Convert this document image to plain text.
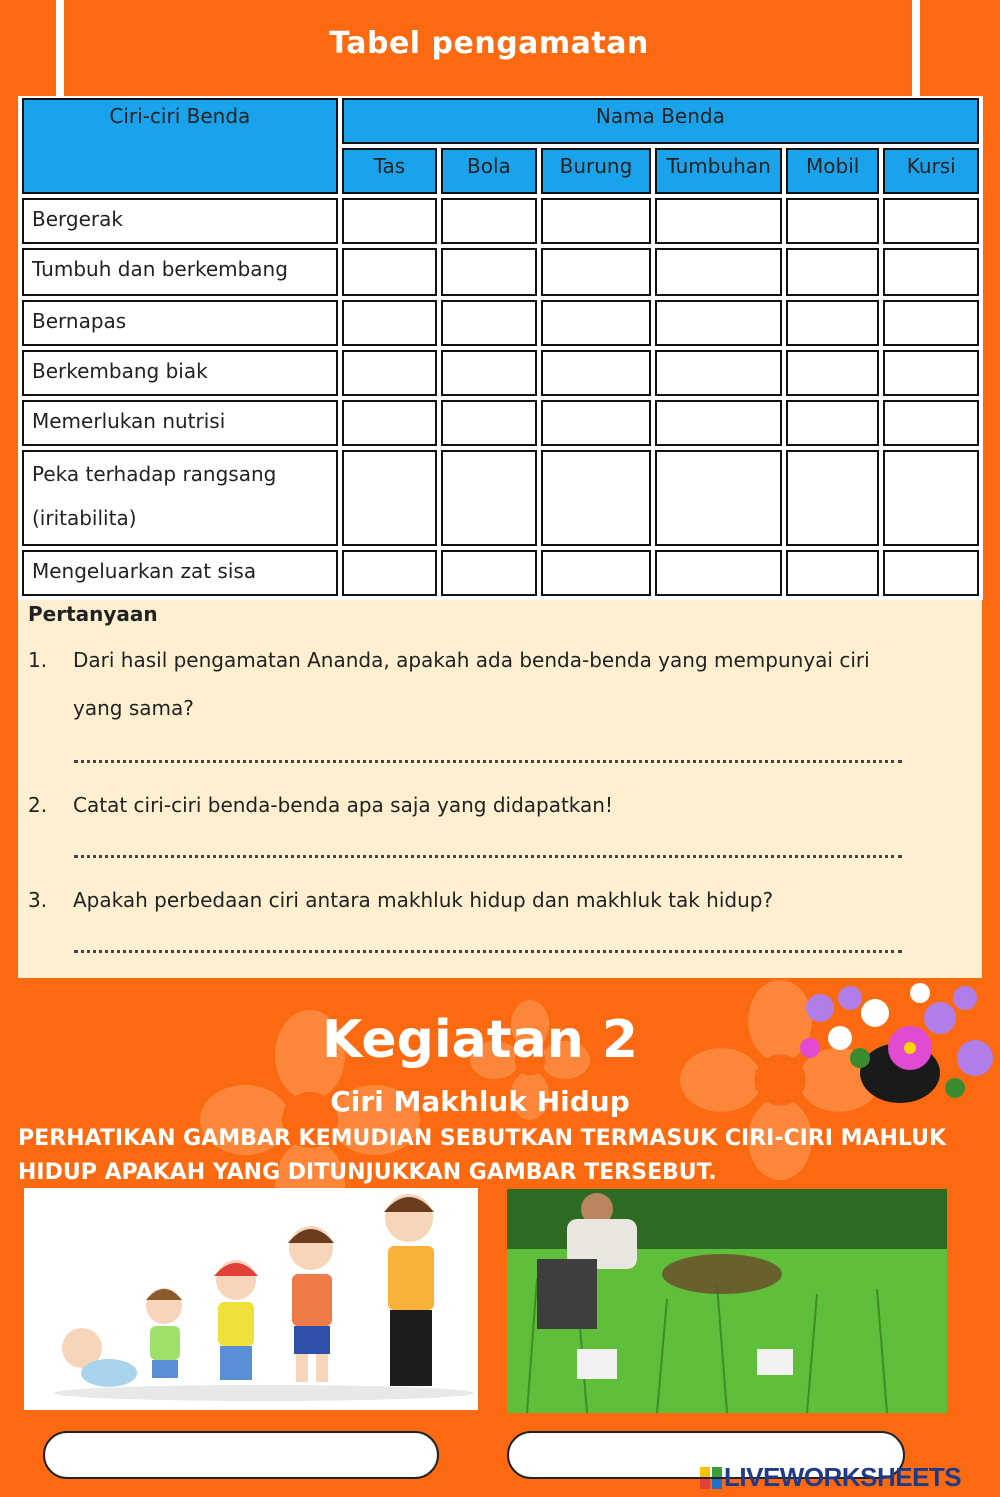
Tabel pengamatan
Ciri-ciri Benda	Nama Benda					
	Tas	Bola	Burung	Tumbuhan	Mobil	Kursi
Bergerak						
Tumbuh dan berkembang						
Bernapas						
Berkembang biak						
Memerlukan nutrisi						
Peka terhadap rangsang (iritabilita)						
Mengeluarkan zat sisa						
Pertanyaan
1. Dari hasil pengamatan Ananda, apakah ada benda-benda yang mempunyai ciri yang sama?
2. Catat ciri-ciri benda-benda apa saja yang didapatkan!
3. Apakah perbedaan ciri antara makhluk hidup dan makhluk tak hidup?
Kegiatan 2
Ciri Makhluk Hidup
PERHATIKAN GAMBAR KEMUDIAN SEBUTKAN TERMASUK CIRI-CIRI MAHLUK HIDUP APAKAH YANG DITUNJUKKAN GAMBAR TERSEBUT.
LIVEWORKSHEETS
